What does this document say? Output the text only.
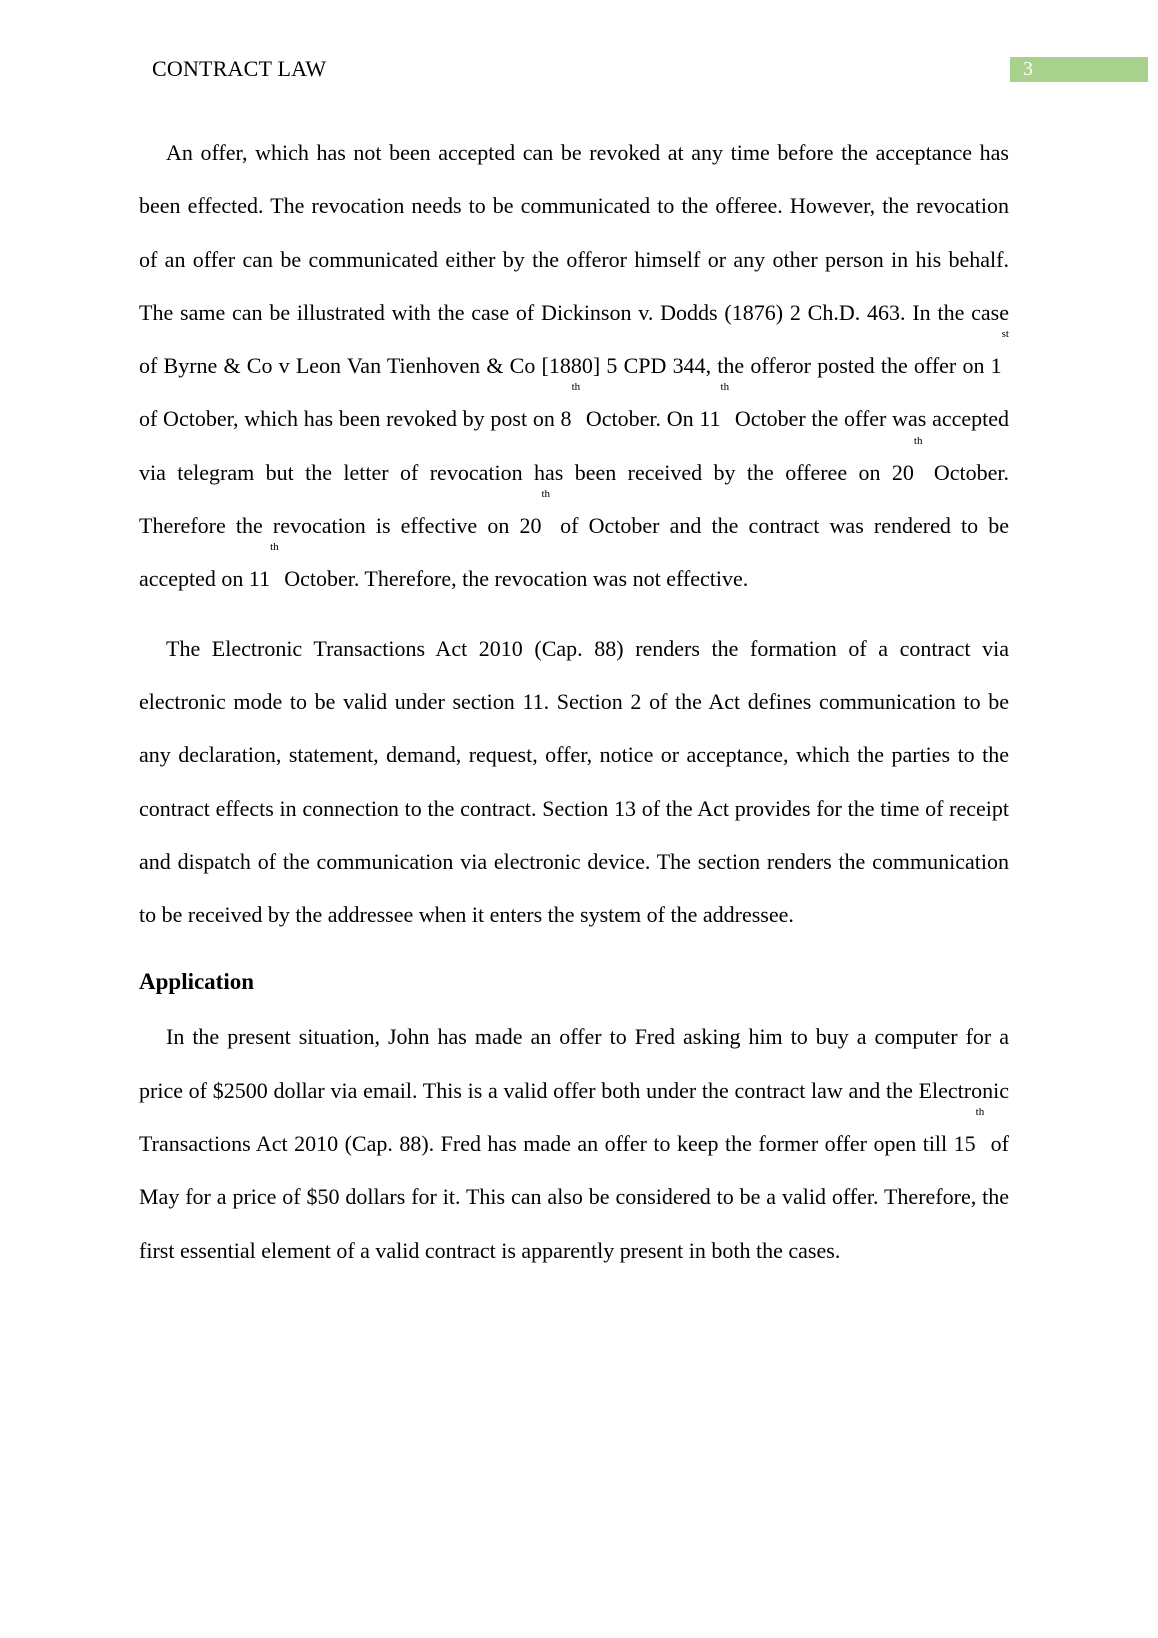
CONTRACT LAW	3

An offer, which has not been accepted can be revoked at any time before the acceptance has been effected. The revocation needs to be communicated to the offeree. However, the revocation of an offer can be communicated either by the offeror himself or any other person in his behalf. The same can be illustrated with the case of Dickinson v. Dodds (1876) 2 Ch.D. 463. In the case of Byrne & Co v Leon Van Tienhoven & Co [1880] 5 CPD 344, the offeror posted the offer on 1st of October, which has been revoked by post on 8th October. On 11th October the offer was accepted via telegram but the letter of revocation has been received by the offeree on 20th October. Therefore the revocation is effective on 20th of October and the contract was rendered to be accepted on 11th October. Therefore, the revocation was not effective.

The Electronic Transactions Act 2010 (Cap. 88) renders the formation of a contract via electronic mode to be valid under section 11. Section 2 of the Act defines communication to be any declaration, statement, demand, request, offer, notice or acceptance, which the parties to the contract effects in connection to the contract. Section 13 of the Act provides for the time of receipt and dispatch of the communication via electronic device. The section renders the communication to be received by the addressee when it enters the system of the addressee.

Application

In the present situation, John has made an offer to Fred asking him to buy a computer for a price of $2500 dollar via email. This is a valid offer both under the contract law and the Electronic Transactions Act 2010 (Cap. 88). Fred has made an offer to keep the former offer open till 15th of May for a price of $50 dollars for it. This can also be considered to be a valid offer. Therefore, the first essential element of a valid contract is apparently present in both the cases.
